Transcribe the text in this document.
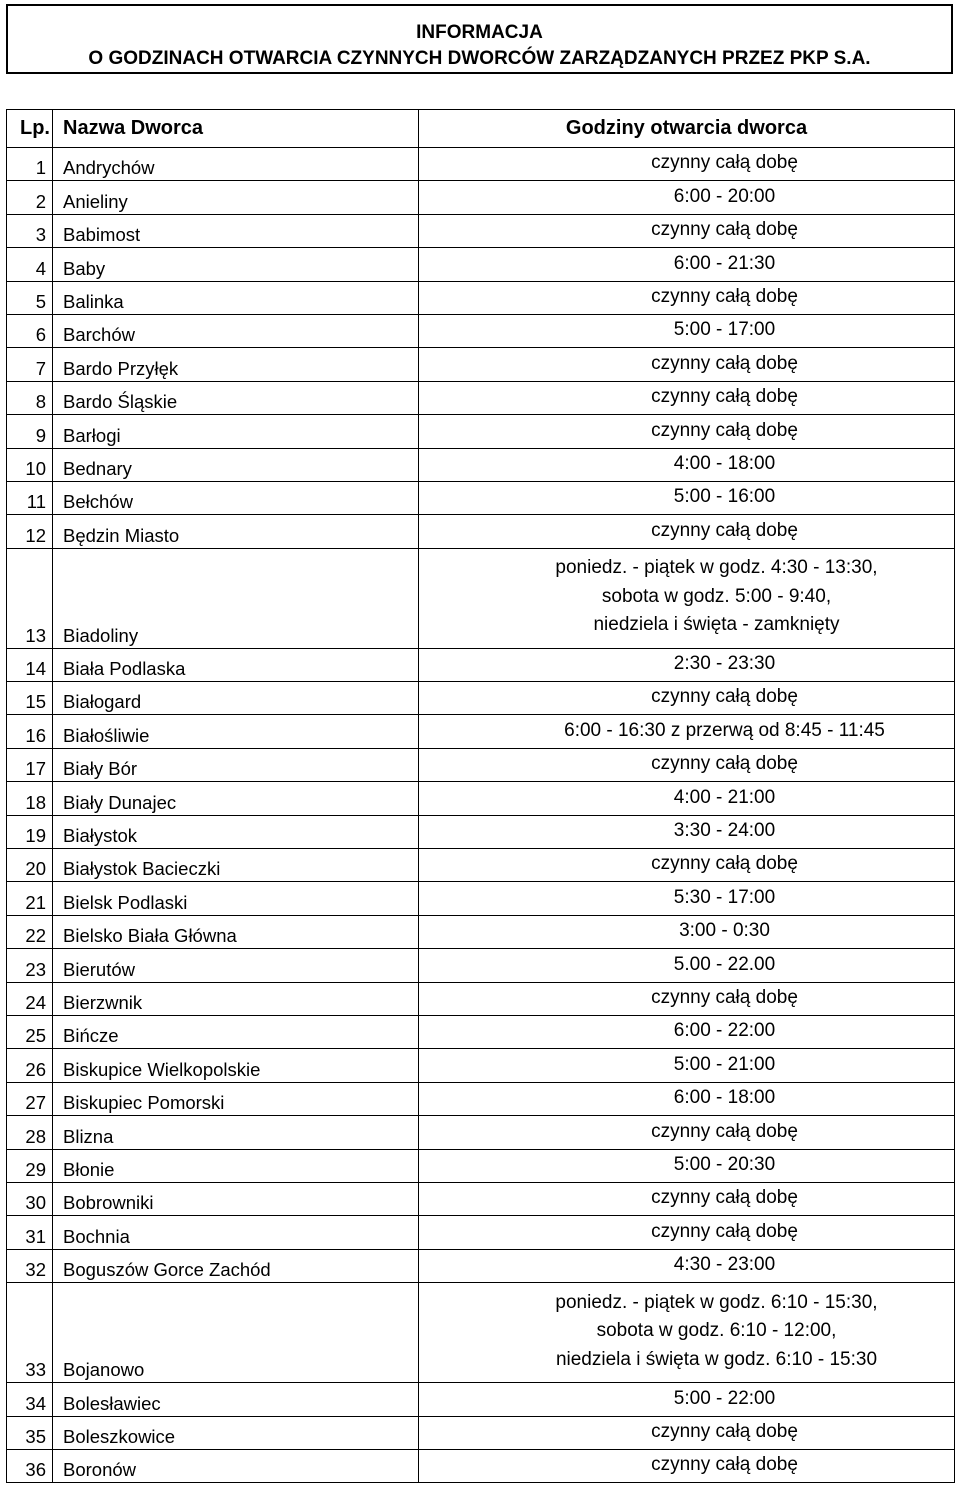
INFORMACJA
O GODZINACH OTWARCIA CZYNNYCH DWORCÓW ZARZĄDZANYCH PRZEZ PKP S.A.
Lp.	Nazwa Dworca	Godziny otwarcia dworca
1	Andrychów	czynny całą dobę

2	Anieliny	6:00 - 20:00

3	Babimost	czynny całą dobę

4	Baby	6:00 - 21:30

5	Balinka	czynny całą dobę

6	Barchów	5:00 - 17:00

7	Bardo Przyłęk	czynny całą dobę

8	Bardo Śląskie	czynny całą dobę

9	Barłogi	czynny całą dobę

10	Bednary	4:00 - 18:00

11	Bełchów	5:00 - 16:00

12	Będzin Miasto	czynny całą dobę

13	Biadoliny	poniedz. - piątek w godz. 4:30 - 13:30,
sobota w godz. 5:00 - 9:40,
niedziela i święta - zamknięty

14	Biała Podlaska	2:30 - 23:30

15	Białogard	czynny całą dobę

16	Białośliwie	6:00 - 16:30 z przerwą od 8:45 - 11:45

17	Biały Bór	czynny całą dobę

18	Biały Dunajec	4:00 - 21:00

19	Białystok	3:30 - 24:00

20	Białystok Bacieczki	czynny całą dobę

21	Bielsk Podlaski	5:30 - 17:00

22	Bielsko Biała Główna	3:00 - 0:30

23	Bierutów	5.00 - 22.00

24	Bierzwnik	czynny całą dobę

25	Bińcze	6:00 - 22:00

26	Biskupice Wielkopolskie	5:00 - 21:00

27	Biskupiec Pomorski	6:00 - 18:00

28	Blizna	czynny całą dobę

29	Błonie	5:00 - 20:30

30	Bobrowniki	czynny całą dobę

31	Bochnia	czynny całą dobę

32	Boguszów Gorce Zachód	4:30 - 23:00

33	Bojanowo	poniedz. - piątek w godz. 6:10 - 15:30,
sobota w godz. 6:10 - 12:00,
niedziela i święta w godz. 6:10 - 15:30

34	Bolesławiec	5:00 - 22:00

35	Boleszkowice	czynny całą dobę

36	Boronów	czynny całą dobę
